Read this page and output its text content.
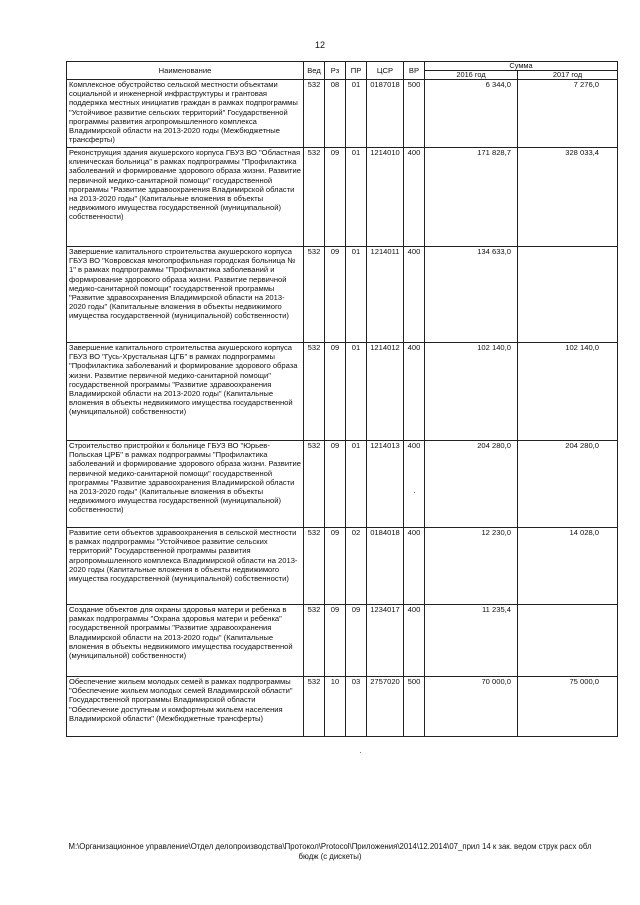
12
Наименование	Вед	Рз	ПР	ЦСР	ВР	Сумма	
						2016 год	2017 год
Комплексное обустройство сельской местности объектами социальной и инженерной инфраструктуры и грантовая поддержка местных инициатив граждан в рамках подпрограммы "Устойчивое развитие сельских территорий" Государственной программы развития агропромышленного комплекса Владимирской области на 2013-2020 годы (Межбюджетные трансферты)	532	08	01	0187018	500	6 344,0	7 276,0
Реконструкция здания акушерского корпуса ГБУЗ ВО "Областная клиническая больница" в рамках подпрограммы "Профилактика заболеваний и формирование здорового образа жизни. Развитие первичной медико-санитарной помощи" государственной программы "Развитие здравоохранения Владимирской области на 2013-2020 годы" (Капитальные вложения в объекты недвижимого имущества государственной (муниципальной) собственности)	532	09	01	1214010	400	171 828,7	328 033,4
Завершение капитального строительства акушерского корпуса ГБУЗ ВО "Ковровская многопрофильная городская больница № 1" в рамках подпрограммы "Профилактика заболеваний и формирование здорового образа жизни. Развитие первичной медико-санитарной помощи" государственной программы "Развитие здравоохранения Владимирской области на 2013-2020 годы" (Капитальные вложения в объекты недвижимого имущества государственной (муниципальной) собственности)	532	09	01	1214011	400	134 633,0	
Завершение капитального строительства акушерского корпуса ГБУЗ ВО "Гусь-Хрустальная ЦГБ" в рамках подпрограммы "Профилактика заболеваний и формирование здорового образа жизни. Развитие первичной медико-санитарной помощи" государственной программы "Развитие здравоохранения Владимирской области на 2013-2020 годы" (Капитальные вложения в объекты недвижимого имущества государственной (муниципальной) собственности)	532	09	01	1214012	400	102 140,0	102 140,0
Строительство пристройки к больнице ГБУЗ ВО "Юрьев-Польская ЦРБ" в рамках подпрограммы "Профилактика заболеваний и формирование здорового образа жизни. Развитие первичной медико-санитарной помощи" государственной программы "Развитие здравоохранения Владимирской области на 2013-2020 годы" (Капитальные вложения в объекты недвижимого имущества государственной (муниципальной) собственности)	532	09	01	1214013	400	204 280,0	204 280,0
Развитие сети объектов здравоохранения в сельской местности в рамках подпрограммы "Устойчивое развитие сельских территорий" Государственной программы развития агропромышленного комплекса Владимирской области на 2013-2020 годы (Капитальные вложения в объекты недвижимого имущества государственной (муниципальной) собственности)	532	09	02	0184018	400	12 230,0	14 028,0
Создание объектов для охраны здоровья матери и ребенка в рамках подпрограммы "Охрана здоровья матери и ребенка" государственной программы "Развитие здравоохранения Владимирской области на 2013-2020 годы" (Капитальные вложения в объекты недвижимого имущества государственной (муниципальной) собственности)	532	09	09	1234017	400	11 235,4	
Обеспечение жильем молодых семей в рамках подпрограммы "Обеспечение жильем молодых семей Владимирской области" Государственной программы Владимирской области "Обеспечение доступным и комфортным жильем населения Владимирской области" (Межбюджетные трансферты)	532	10	03	2757020	500	70 000,0	75 000,0
M:\Организационное управление\Отдел делопроизводства\Протокол\Protocol\Приложения\2014\12.2014\07_прил 14 к зак. ведом струк расх обл бюдж (с дискеты)
